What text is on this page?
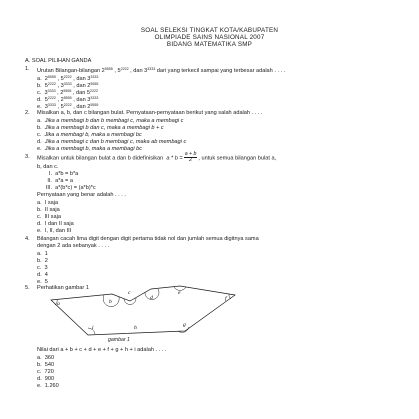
SOAL SELEKSI TINGKAT KOTA/KABUPATEN
OLIMPIADE SAINS NASIONAL 2007
BIDANG MATEMATIKA SMP
A. SOAL PILIHAN GANDA
1. Urutan Bilangan-bilangan $2^{5555}$ , $5^{2222}$ , dan $3^{3333}$ dari yang terkecil sampai yang terbesar adalah . . . .
a. $2^{5555}$ , $5^{2222}$ , dan $3^{3333}$
b. $5^{2222}$ , $3^{3333}$ , dan $2^{5555}$
c. $3^{3333}$ , $2^{5555}$ , dan $5^{2222}$
d. $5^{2222}$ , $2^{5555}$ , dan $3^{3333}$
e. $3^{3333}$ , $5^{2222}$ , dan $2^{5555}$
2. Misalkan a, b, dan c bilangan bulat. Pernyataan-pernyataan berikut yang salah adalah . . . .
a. Jika a membagi b dan b membagi c, maka a membagi c
b. Jika a membagi b dan c, maka a membagi b + c
c. Jika a membagi b, maka a membagi bc
d. Jika a membagi c dan b membagi c, maka ab membagi c
e. Jika a membagi b, maka a membagi bc
3. Misalkan untuk bilangan bulat a dan b didefinisikan $a * b = \frac{a + b}{2}$ , untuk semua bilangan bulat a,
b, dan c.
I. a*b = b*a
II. a*a = a
III. a*(b*c) = (a*b)*c
Pernyataan yang benar adalah . . . .
a. I saja
b. II saja
c. III saja
d. I dan II saja
e. I, II, dan III
4. Bilangan cacah lima digit dengan digit pertama tidak nol dan jumlah semua digitnya sama
dengan 2 ada sebanyak . . . .
a. 1
b. 2
c. 3
d. 4
e. 5
5. Perhatikan gambar 1
a	b
c
d
e
f
g
h
i
gambar 1
Nilai dari a + b + c + d + e + f + g + h + i adalah . . . .
a. 360
b. 540
c. 720
d. 900
e. 1.260
